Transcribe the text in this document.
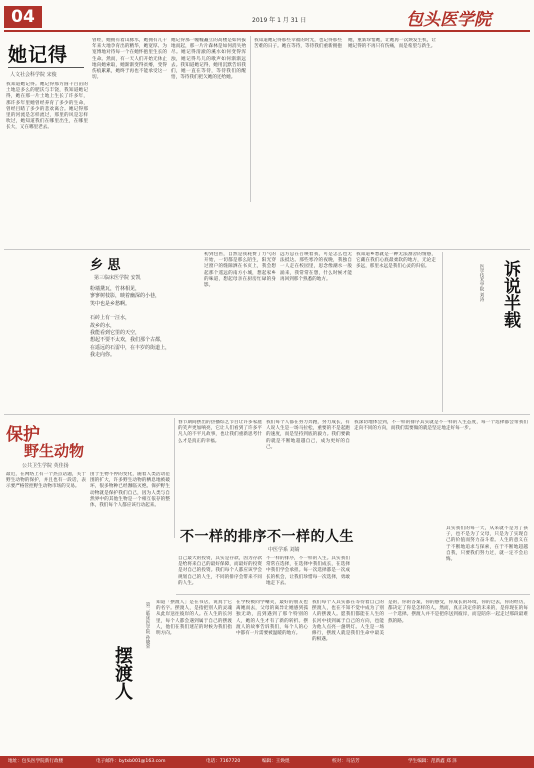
04	2019 年 1 月 31 日	包头医学院
她记得
人文社会科学院 宋俊
我知道她记得。她记得那方圆千百亩的土地是多么的肥沃与丰饶，我知道她记得，她在那一片土地上生长了许多年，那许多年里她曾经养育了多少的生命，曾经目睹了多少的悲欢离合。她记得那里的河流是怎样流过，那里的风是怎样吹过，她知道我们在哪里出生，在哪里长大，又在哪里老去。
曾经，她拥有着山脉水，她拥有几千年来大地孕育出的精华，她宽厚、为宽博地对待每一个在她怀抱里生长的生命。然而，有一天人们开始无休止地向她索取，她渐渐变得贫瘠，变得伤痕累累，她终于再也不能承受这一切。
她记得那一幢幢矗立的高楼是如何拔地而起，那一片片森林是如何消失殆尽。她记得清澈的溪水如何变得浑浊，她记得鸟儿的歌声如何渐渐远去。我知道她记得，她用沉默告诉我们，她一直在等待，等待我们的醒悟，等待我们把欠她的还给她。
我知道她记得那些幸福的时光，也记得那些苦难的日子。她在等待，等待我们重新拥抱她，重新珍惜她，让她再一次焕发生机，让她记得的不再只有伤痛，而是希望与新生。
乡 思
第三临床医学院 安凯
粉墙黛瓦，竹林相见，
寥寥树枝影，映着幽深的小巷，
笑中也是乡愁啊。
石砖上有一汪水，
故乡的水，
我能看到它里的天空，
想起不要不太欢，我们那个古都，
在遥远的石雷中，在丰岁的街道上，
我走向你。
初到包医，自然是我耗费了力气的开始，一切都是那么陌生，阳光穿过窗户的缝隙洒在书页上，我会想起那个遥远的南方小城，想起家乡的味道，想起母亲在厨房忙碌的身影。
远方总在召唤着我，可是怎么也无法抵达。那些寒冷的夜晚，我独自一人走在校园里，思念像潮水一般涌来，我常常在想，什么时候才能再回到那个熟悉的地方。
我知道乡愁就是一种无法割舍的情感，它藏在我们心底最柔软的地方，无论走多远，那里永远是我们心灵的归宿。	诉说半载
医学技术学院 刘涛
保护
野生动物
公共卫生学院 英佳扬
最近，在网络上有一个热点话题，关于野生动物的保护，并且也有一段话，表示要严格管控野生动物市场的交易。
由于生物不停的变化，随着人类活动范围的扩大，许多野生动物的栖息地被破坏，很多物种已经濒临灭绝。保护野生动物就是保护我们自己，因为人类与自然界中的其他生物是一个相互依存的整体，我们每个人都应该行动起来。
春节期间摆出的热播综艺节目让许多家庭的笑声更加响亮，它让人们看到了许多平凡人的不平凡故事，也让我们重新思考什么才是真正的幸福。
我们每个人都在努力奔跑，努力成长，有人说人生是一场马拉松，重要的不是起跑的速度，而是坚持到底的毅力。我们要做的就是不断地超越自己，成为更好的自己。
我深切地体会到，不一样的排序其实就是不一样的人生态度，每一个选择都会带我们走向不同的方向，而我们需要做的就是坚定地走好每一步。
不一样的排序不一样的人生
中医学系 刘婧
自己最大的投资，其实是存款，因为存款是给将来自己的最好保障，而最好的投资是对自己的投资。我们每个人都应该学会规划自己的人生，不同的排序会带来不同的人生。
不一样的排序，不一样的人生。其实我们常常在选择，在选择中我们成长，在选择中我们学会承担。每一次选择都是一次成长的机会，让我们珍惜每一次选择，勇敢地走下去。
其实我们的每一天，从来就不是为了孩子，也不是为了父母，只是为了实现自己的价值而努力奋斗着。人生的意义在于不断地追求与探索，在于不断地超越自我，只要我们努力过，就一定不会后悔。
摆渡人
第二临床医学院 孙晓荣 知道「摆渡人」是在书店，说真于它的名字。摆渡人，是指把别人的灵魂从此岸送往彼岸的人。在人生的长河里，每个人都会遇到属于自己的摆渡人，他们在我们迷茫的时候为我们指明方向。
在学校被同学嘲笑，最好的朋友也离她而去，父母的离异让她感到孤独无助，直到遇到了那个特别的人，她的人生才有了新的转折。摆渡人的故事告诉我们，每个人的心中都有一片需要被温暖的地方。
我们每个人其实都在等待着自己的摆渡人，也在不知不觉中成为了别人的摆渡人。愿我们都能在人生的长河中找到属于自己的方向，也能为他人点亮一盏明灯。人生是一场修行，摆渡人就是我们生命中最美的相遇。
是的，你的答案，你的感受，你成长的环境，你的过去，你的经历，都决定了你是怎样的人。然而，真正决定你的未来的，是你现在的每一个选择。摆渡人并不是把你送到彼岸，而是陪你一起走过那段最难熬的路。
地址：包头医学院新行政楼	电子邮件：bytxb001@163.com	电话：7167720	编辑：王焕煜	校对：马洁芳	学生编辑：范新鑫 郑 泽
